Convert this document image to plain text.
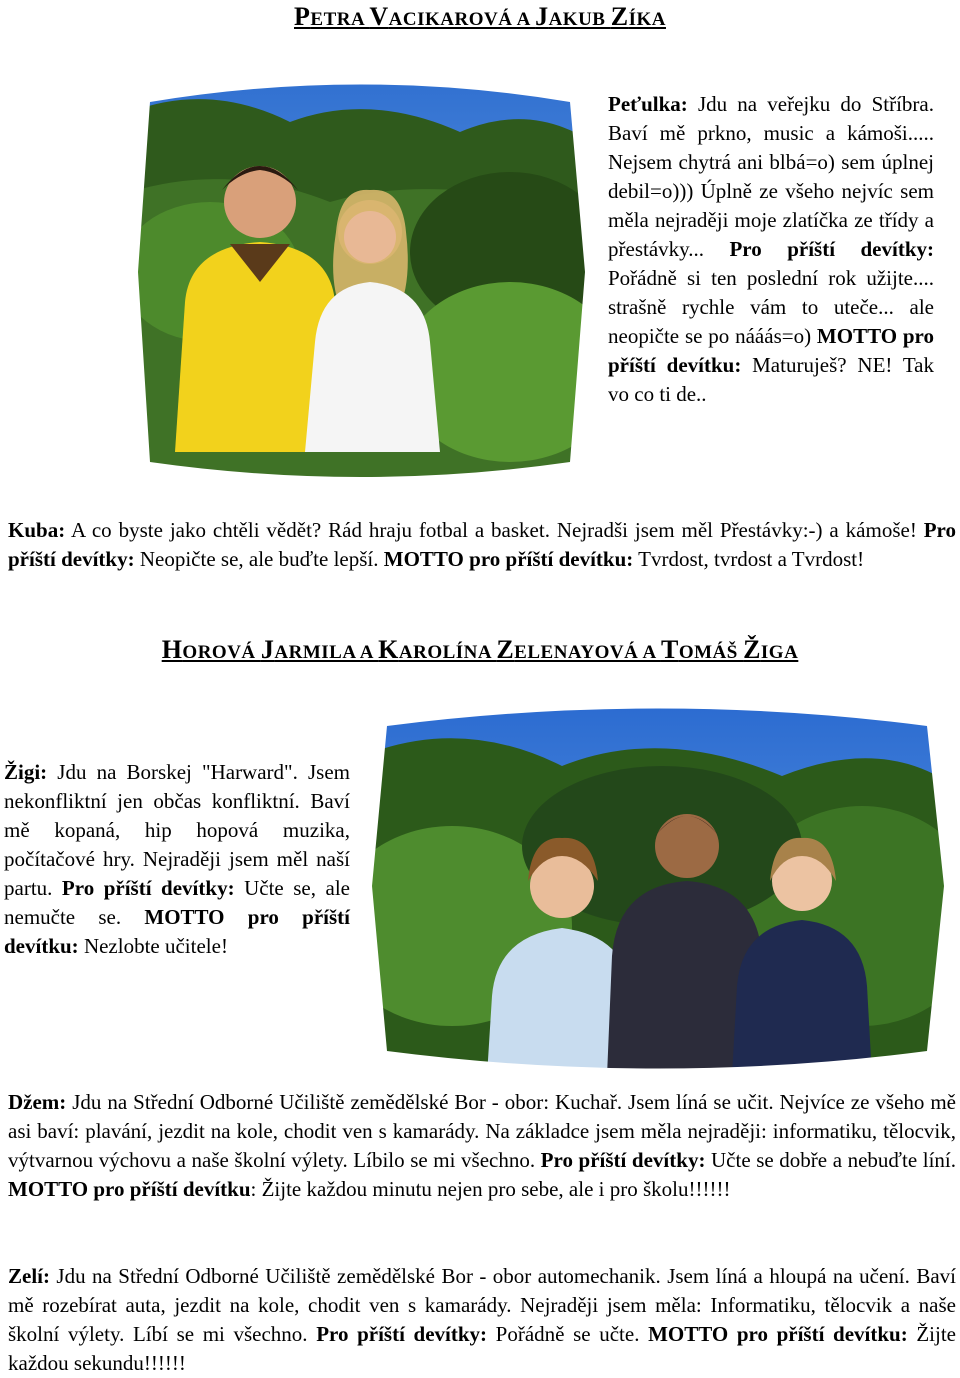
PETRA VACIKAROVÁ A JAKUB ZÍKA

Peťulka: Jdu na veřejku do Stříbra. Baví mě prkno, music a kámoši..... Nejsem chytrá ani blbá=o) sem úplnej debil=o))) Úplně ze všeho nejvíc sem měla nejraději moje zlatíčka ze třídy a přestávky... Pro příští devítky: Pořádně si ten poslední rok užijte.... strašně rychle vám to uteče... ale neopičte se po nááás=o) MOTTO pro příští devítku: Maturuješ? NE! Tak vo co ti de..

Kuba: A co byste jako chtěli vědět? Rád hraju fotbal a basket. Nejradši jsem měl Přestávky:-) a kámoše! Pro příští devítky: Neopičte se, ale buďte lepší. MOTTO pro příští devítku: Tvrdost, tvrdost a Tvrdost!

HOROVÁ JARMILA A KAROLÍNA ZELENAYOVÁ A TOMÁŠ ŽIGA

Žigi: Jdu na Borskej "Harward". Jsem nekonfliktní jen občas konfliktní. Baví mě kopaná, hip hopová muzika, počítačové hry. Nejraději jsem měl naší partu. Pro příští devítky: Učte se, ale nemučte se. MOTTO pro příští devítku: Nezlobte učitele!

Džem: Jdu na Střední Odborné Učiliště zemědělské Bor - obor: Kuchař. Jsem líná se učit. Nejvíce ze všeho mě asi baví: plavání, jezdit na kole, chodit ven s kamarády. Na základce jsem měla nejraději: informatiku, tělocvik, výtvarnou výchovu a naše školní výlety. Líbilo se mi všechno. Pro příští devítky: Učte se dobře a nebuďte líní. MOTTO pro příští devítku: Žijte každou minutu nejen pro sebe, ale i pro školu!!!!!!

Zelí: Jdu na Střední Odborné Učiliště zemědělské Bor - obor automechanik. Jsem líná a hloupá na učení. Baví mě rozebírat auta, jezdit na kole, chodit ven s kamarády. Nejraději jsem měla: Informatiku, tělocvik a naše školní výlety. Líbí se mi všechno. Pro příští devítky: Pořádně se učte. MOTTO pro příští devítku: Žijte každou sekundu!!!!!!
